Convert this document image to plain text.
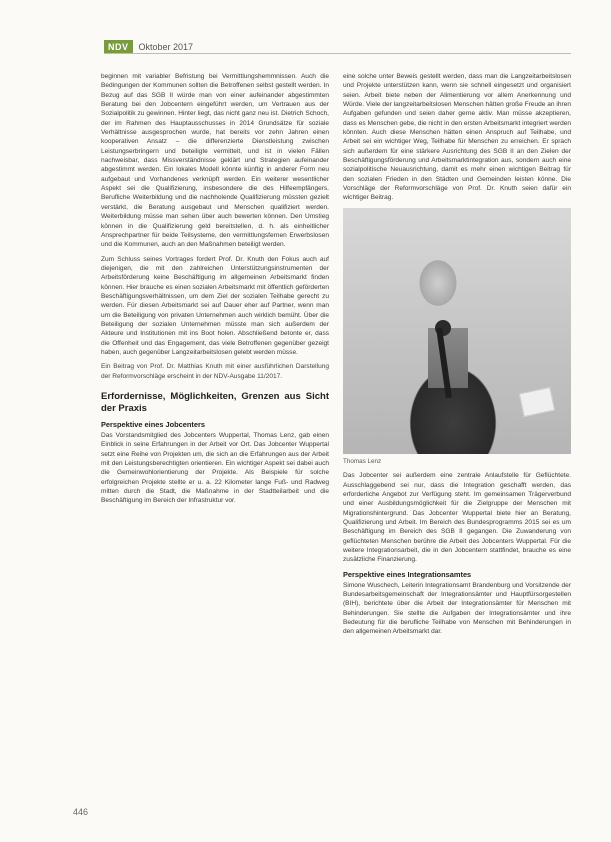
NDV	Oktober 2017

beginnen mit variabler Befristung bei Vermittlungshemmnissen. Auch die Bedingungen der Kommunen sollten die Betroffenen selbst gestellt werden. In Bezug auf das SGB II würde man von einer aufeinander abgestimmten Beratung bei den Jobcentern eingeführt werden, um Vertrauen aus der Sozialpolitik zu gewinnen. Hinter liegt, das nicht ganz neu ist. Dietrich Schoch, der im Rahmen des Hauptausschusses in 2014 Grundsätze für soziale Verhältnisse ausgesprochen wurde, hat bereits vor zehn Jahren einen kooperativen Ansatz – die differenzierte Dienstleistung zwischen Leistungserbringern und beteiligte vermittelt, und ist in vielen Fällen nachweisbar, dass Missverständnisse geklärt und Strategien aufeinander abgestimmt werden. Ein lokales Modell könnte künftig in anderer Form neu aufgebaut und Vorhandenes verknüpft werden. Ein weiterer wesentlicher Aspekt sei die Qualifizierung, insbesondere die des Hilfeempfängers. Berufliche Weiterbildung und die nachholende Qualifizierung müssten gezielt verstärkt, die Beratung ausgebaut und Menschen qualifiziert werden. Weiterbildung müsse man sehen über auch bewerten können. Den Umstieg können in die Qualifizierung geld bereitstellen, d. h. als einheitlicher Ansprechpartner für beide Teilsysteme, den vermittlungsfernen Erwerbslosen und die Kommunen, auch an den Maßnahmen beteiligt werden.

Zum Schluss seines Vortrages fordert Prof. Dr. Knuth den Fokus auch auf diejenigen, die mit den zahlreichen Unterstützungsinstrumenten der Arbeitsförderung keine Beschäftigung im allgemeinen Arbeitsmarkt finden können. Hier brauche es einen sozialen Arbeitsmarkt mit öffentlich geförderten Beschäftigungsverhältnissen, um dem Ziel der sozialen Teilhabe gerecht zu werden. Für diesen Arbeitsmarkt sei auf Dauer eher auf Partner, wenn man um die Beteiligung von privaten Unternehmen auch wirklich bemüht. Über die Beteiligung der sozialen Unternehmen müsste man sich außerdem der Akteure und Institutionen mit ins Boot holen. Abschließend betonte er, dass die Offenheit und das Engagement, das viele Betroffenen gegenüber gezeigt haben, auch gegenüber Langzeitarbeitslosen gelebt werden müsse.

Ein Beitrag von Prof. Dr. Matthias Knuth mit einer ausführlichen Darstellung der Reformvorschläge erscheint in der NDV-Ausgabe 11/2017.

Erfordernisse, Möglichkeiten, Grenzen aus Sicht der Praxis
Perspektive eines Jobcenters

Das Vorstandsmitglied des Jobcenters Wuppertal, Thomas Lenz, gab einen Einblick in seine Erfahrungen in der Arbeit vor Ort. Das Jobcenter Wuppertal setzt eine Reihe von Projekten um, die sich an die Erfahrungen aus der Arbeit mit den Leistungsberechtigten orientieren. Ein wichtiger Aspekt sei dabei auch die Gemeinwohlorientierung der Projekte. Als Beispiele für solche erfolgreichen Projekte stellte er u. a. 22 Kilometer lange Fuß- und Radweg mitten durch die Stadt, die Maßnahme in der Stadtteilarbeit und die Beschäftigung im Bereich der Infrastruktur vor.

eine solche unter Beweis gestellt werden, dass man die Langzeitarbeitslosen und Projekte unterstützen kann, wenn sie schnell eingesetzt und organisiert seien. Arbeit biete neben der Alimentierung vor allem Anerkennung und Würde. Viele der langzeitarbeitslosen Menschen hätten große Freude an ihren Aufgaben gefunden und seien daher gerne aktiv. Man müsse akzeptieren, dass es Menschen gebe, die nicht in den ersten Arbeitsmarkt integriert werden könnten. Auch diese Menschen hätten einen Anspruch auf Teilhabe, und Arbeit sei ein wichtiger Weg, Teilhabe für Menschen zu erreichen. Er sprach sich außerdem für eine stärkere Ausrichtung des SGB II an den Zielen der Beschäftigungsförderung und Arbeitsmarktintegration aus, sondern auch eine sozialpolitische Neuausrichtung, damit es mehr einen wichtigen Beitrag für den sozialen Frieden in den Städten und Gemeinden leisten könne. Die Vorschläge der Reformvorschläge von Prof. Dr. Knuth seien dafür ein wichtiger Beitrag.

Thomas Lenz

Das Jobcenter sei außerdem eine zentrale Anlaufstelle für Geflüchtete. Ausschlaggebend sei nur, dass die Integration geschafft werden, das erforderliche Angebot zur Verfügung steht. Im gemeinsamen Trägerverbund und einer Ausbildungsmöglichkeit für die Zielgruppe der Menschen mit Migrationshintergrund. Das Jobcenter Wuppertal biete hier an Beratung, Qualifizierung und Arbeit. Im Bereich des Bundesprogramms 2015 sei es um Beschäftigung im Bereich des SGB II gegangen. Die Zuwanderung von geflüchteten Menschen berühre die Arbeit des Jobcenters Wuppertal. Für die weitere Integrationsarbeit, die in den Jobcentern stattfindet, brauche es eine zusätzliche Finanzierung.

Perspektive eines Integrationsamtes

Simone Wuschech, Leiterin Integrationsamt Brandenburg und Vorsitzende der Bundesarbeitsgemeinschaft der Integrationsämter und Hauptfürsorgestellen (BIH), berichtete über die Arbeit der Integrationsämter für Menschen mit Behinderungen. Sie stellte die Aufgaben der Integrationsämter und ihre Bedeutung für die berufliche Teilhabe von Menschen mit Behinderungen in den allgemeinen Arbeitsmarkt dar.

446
